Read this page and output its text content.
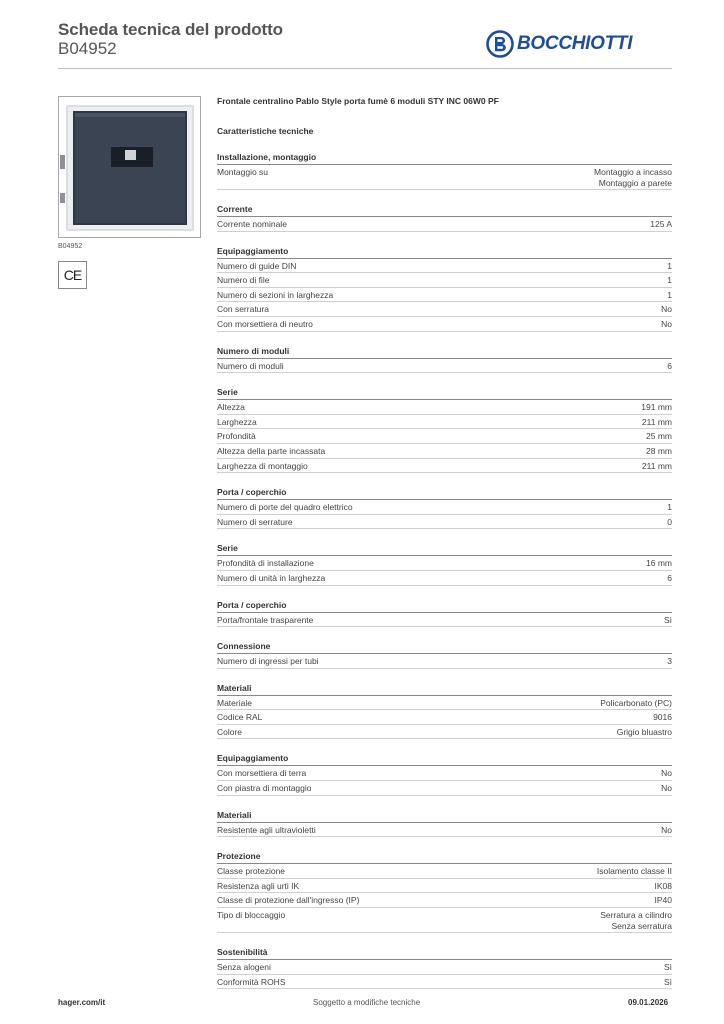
Scheda tecnica del prodotto
B04952	BOCCHIOTTI
B04952
CE
Frontale centralino Pablo Style porta fumè 6 moduli STY INC 06W0 PF
Caratteristiche tecniche
Installazione, montaggio
Montaggio su	Montaggio a incasso
Montaggio a parete
Corrente
Corrente nominale	125 A
Equipaggiamento
Numero di guide DIN	1
Numero di file	1
Numero di sezioni in larghezza	1
Con serratura	No
Con morsettiera di neutro	No
Numero di moduli
Numero di moduli	6
Serie
Altezza	191 mm
Larghezza	211 mm
Profondità	25 mm
Altezza della parte incassata	28 mm
Larghezza di montaggio	211 mm
Porta / coperchio
Numero di porte del quadro elettrico	1
Numero di serrature	0
Serie
Profondità di installazione	16 mm
Numero di unità in larghezza	6
Porta / coperchio
Porta/frontale trasparente	Sì
Connessione
Numero di ingressi per tubi	3
Materiali
Materiale	Policarbonato (PC)
Codice RAL	9016
Colore	Grigio bluastro
Equipaggiamento
Con morsettiera di terra	No
Con piastra di montaggio	No
Materiali
Resistente agli ultravioletti	No
Protezione
Classe protezione	Isolamento classe II
Resistenza agli urti IK	IK08
Classe di protezione dall'ingresso (IP)	IP40
Tipo di bloccaggio	Serratura a cilindro
Senza serratura
Sostenibilità
Senza alogeni	Sì
Conformità ROHS	Sì
hager.com/it	Soggetto a modifiche tecniche	09.01.2026
